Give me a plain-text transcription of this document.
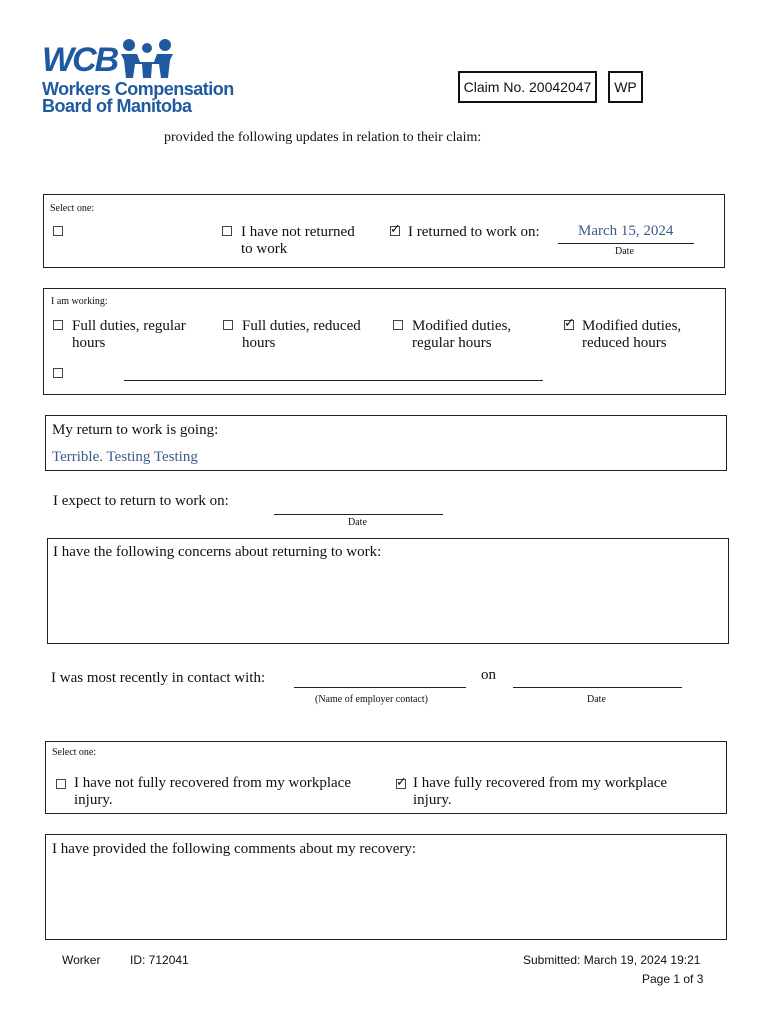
WCB
Workers Compensation
Board of Manitoba
Claim No. 20042047	WP
provided the following updates in relation to their claim:
Select one:
I have not returned
to work
✓
I returned to work on:	March 15, 2024
Date
I am working:
Full duties, regular
hours
Full duties, reduced
hours
Modified duties,
regular hours
✓
Modified duties,
reduced hours
My return to work is going:
Terrible. Testing Testing
I expect to return to work on:
Date
I have the following concerns about returning to work:
I was most recently in contact with:
(Name of employer contact)
on
Date
Select one:
I have not fully recovered from my workplace
injury.
✓
I have fully recovered from my workplace
injury.
I have provided the following comments about my recovery:
Worker ID: 712041	Submitted: March 19, 2024 19:21
Page 1 of 3
